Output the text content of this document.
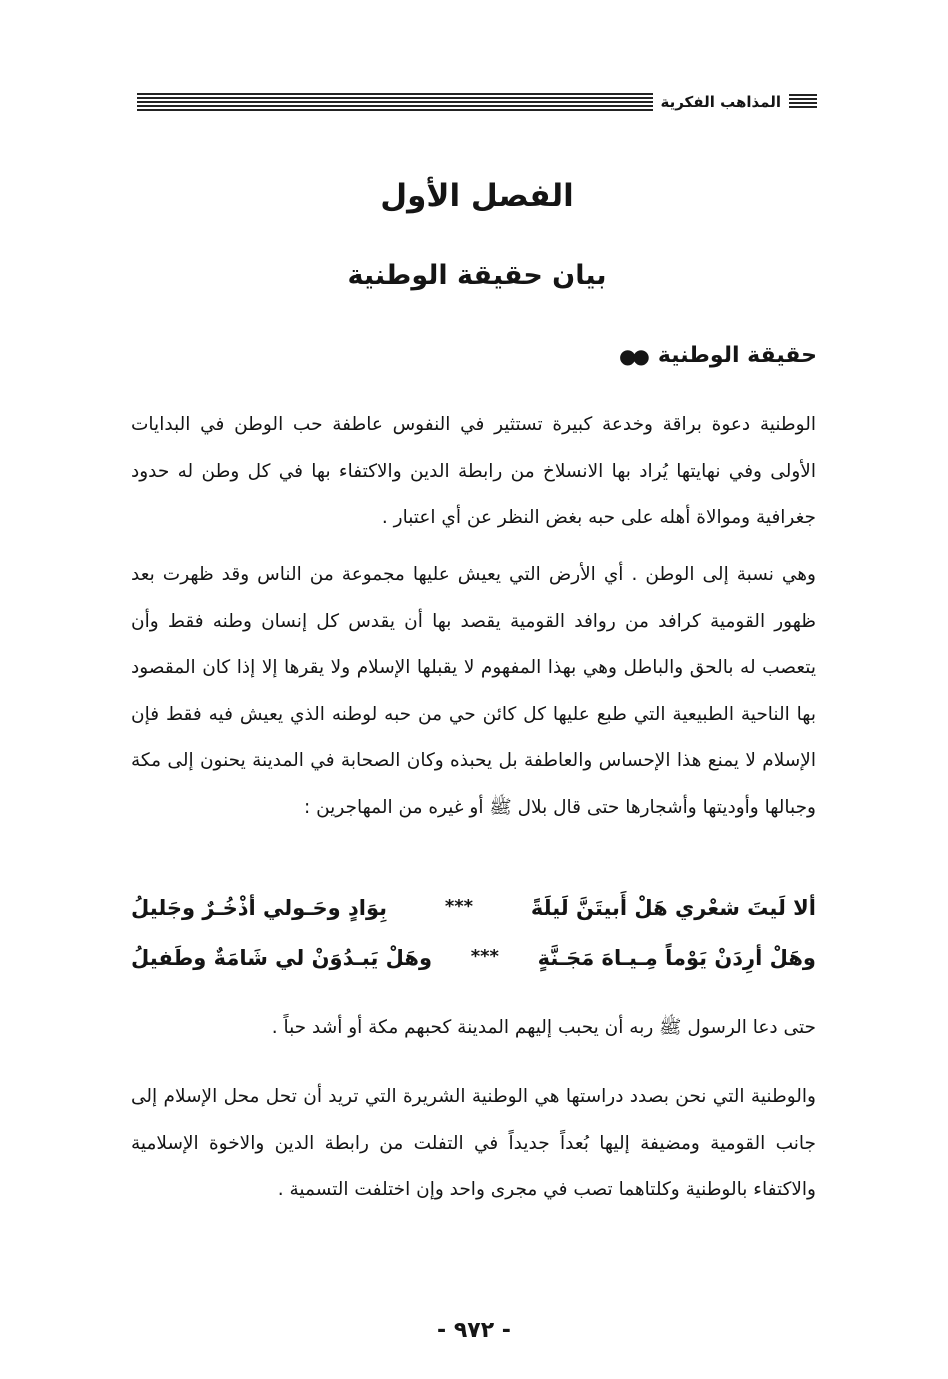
المذاهب الفكرية
الفصل الأول
بيان حقيقة الوطنية
حقيقة الوطنية
●●

الوطنية دعوة براقة وخدعة كبيرة تستثير في النفوس عاطفة حب الوطن في البدايات الأولى وفي نهايتها يُراد بها الانسلاخ من رابطة الدين والاكتفاء بها في كل وطن له حدود جغرافية وموالاة أهله على حبه بغض النظر عن أي اعتبار .

وهي نسبة إلى الوطن . أي الأرض التي يعيش عليها مجموعة من الناس وقد ظهرت بعد ظهور القومية كرافد من روافد القومية يقصد بها أن يقدس كل إنسان وطنه فقط وأن يتعصب له بالحق والباطل وهي بهذا المفهوم لا يقبلها الإسلام ولا يقرها إلا إذا كان المقصود بها الناحية الطبيعية التي طبع عليها كل كائن حي من حبه لوطنه الذي يعيش فيه فقط فإن الإسلام لا يمنع هذا الإحساس والعاطفة بل يحبذه وكان الصحابة في المدينة يحنون إلى مكة وجبالها وأوديتها وأشجارها حتى قال بلال ﷺ أو غيره من المهاجرين :

ألا لَيتَ شعْري هَلْ أَبيتَنَّ لَيلَةً
***
بِوَادٍ وحَـولي أذْخُـرٌ وجَليلُ
وهَلْ أرِدَنْ يَوْماً مِـيـاهَ مَجَـنَّةٍ
***
وهَلْ يَبـدُوَنْ لي شَامَةٌ وطَفيلُ

حتى دعا الرسول ﷺ ربه أن يحبب إليهم المدينة كحبهم مكة أو أشد حباً .

والوطنية التي نحن بصدد دراستها هي الوطنية الشريرة التي تريد أن تحل محل الإسلام إلى جانب القومية ومضيفة إليها بُعداً جديداً في التفلت من رابطة الدين والاخوة الإسلامية والاكتفاء بالوطنية وكلتاهما تصب في مجرى واحد وإن اختلفت التسمية .

- ٩٧٢ -
